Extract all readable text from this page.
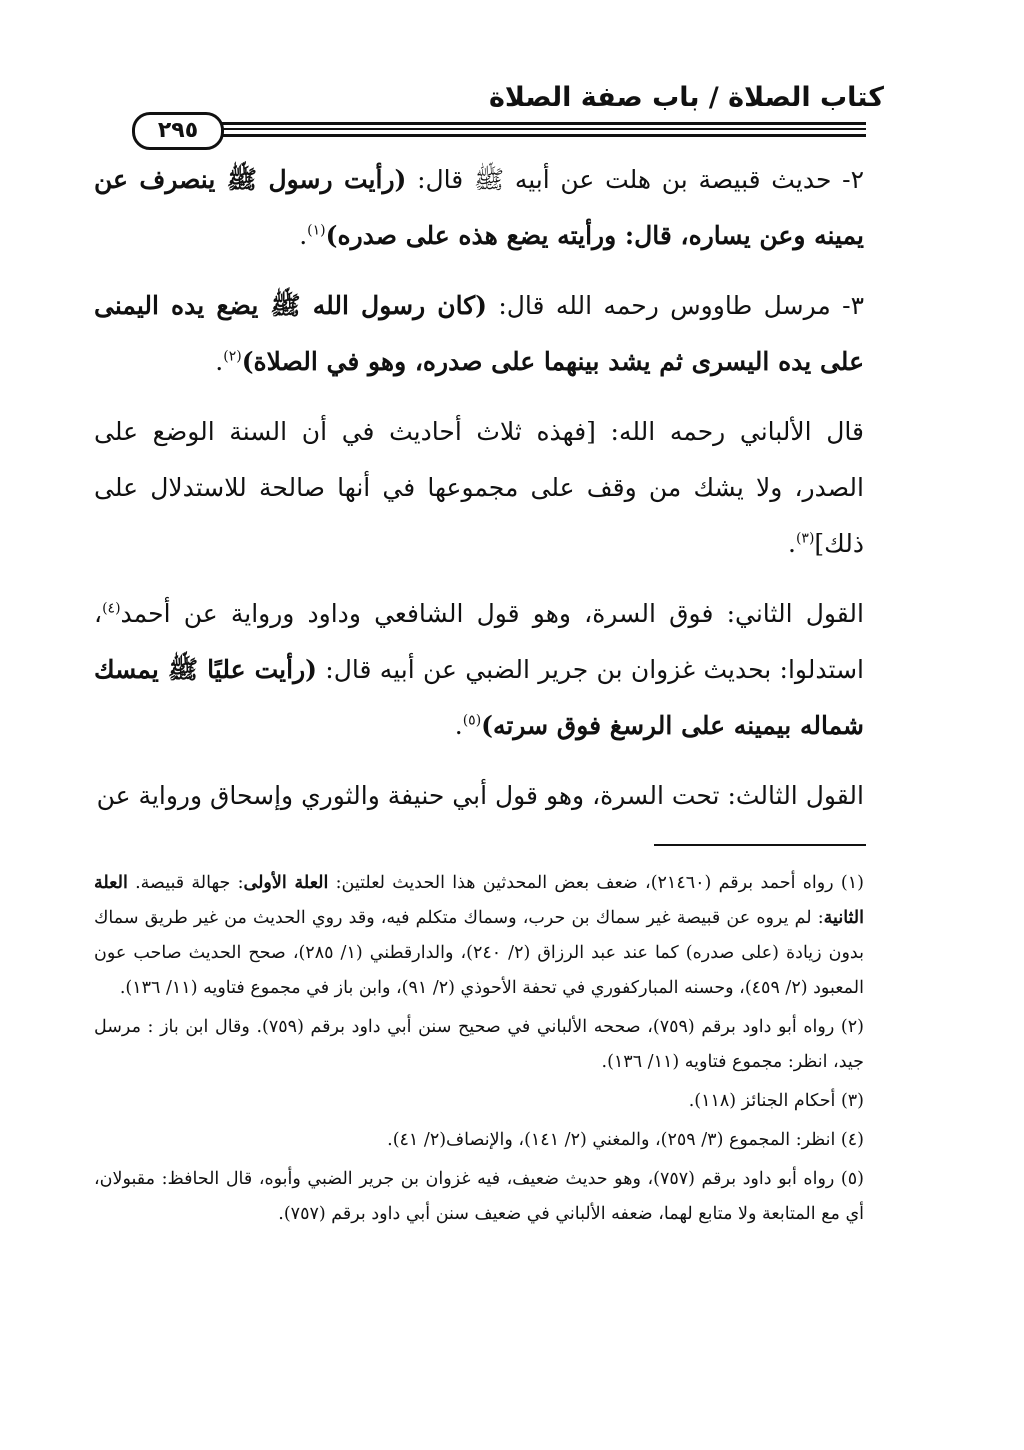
كتاب الصلاة / باب صفة الصلاة
٢٩٥

٢- حديث قبيصة بن هلت عن أبيه ﷺ قال: (رأيت رسول ﷺ ينصرف عن يمينه وعن يساره، قال: ورأيته يضع هذه على صدره)$^{(١)}$.

٣- مرسل طاووس رحمه الله قال: (كان رسول الله ﷺ يضع يده اليمنى على يده اليسرى ثم يشد بينهما على صدره، وهو في الصلاة)$^{(٢)}$.

قال الألباني رحمه الله: [فهذه ثلاث أحاديث في أن السنة الوضع على الصدر، ولا يشك من وقف على مجموعها في أنها صالحة للاستدلال على ذلك]$^{(٣)}$.

القول الثاني: فوق السرة، وهو قول الشافعي وداود ورواية عن أحمد$^{(٤)}$، استدلوا: بحديث غزوان بن جرير الضبي عن أبيه قال: (رأيت عليًا ﷺ يمسك شماله بيمينه على الرسغ فوق سرته)$^{(٥)}$.

القول الثالث: تحت السرة، وهو قول أبي حنيفة والثوري وإسحاق ورواية عن

(١) رواه أحمد برقم (٢١٤٦٠)، ضعف بعض المحدثين هذا الحديث لعلتين: العلة الأولى: جهالة قبيصة. العلة الثانية: لم يروه عن قبيصة غير سماك بن حرب، وسماك متكلم فيه، وقد روي الحديث من غير طريق سماك بدون زيادة (على صدره) كما عند عبد الرزاق (٢/ ٢٤٠)، والدارقطني (١/ ٢٨٥)، صحح الحديث صاحب عون المعبود (٢/ ٤٥٩)، وحسنه المباركفوري في تحفة الأحوذي (٢/ ٩١)، وابن باز في مجموع فتاويه (١١/ ١٣٦).

(٢) رواه أبو داود برقم (٧٥٩)، صححه الألباني في صحيح سنن أبي داود برقم (٧٥٩). وقال ابن باز : مرسل جيد، انظر: مجموع فتاويه (١١/ ١٣٦).

(٣) أحكام الجنائز (١١٨).

(٤) انظر: المجموع (٣/ ٢٥٩)، والمغني (٢/ ١٤١)، والإنصاف(٢/ ٤١).

(٥) رواه أبو داود برقم (٧٥٧)، وهو حديث ضعيف، فيه غزوان بن جرير الضبي وأبوه، قال الحافظ: مقبولان، أي مع المتابعة ولا متابع لهما، ضعفه الألباني في ضعيف سنن أبي داود برقم (٧٥٧).
